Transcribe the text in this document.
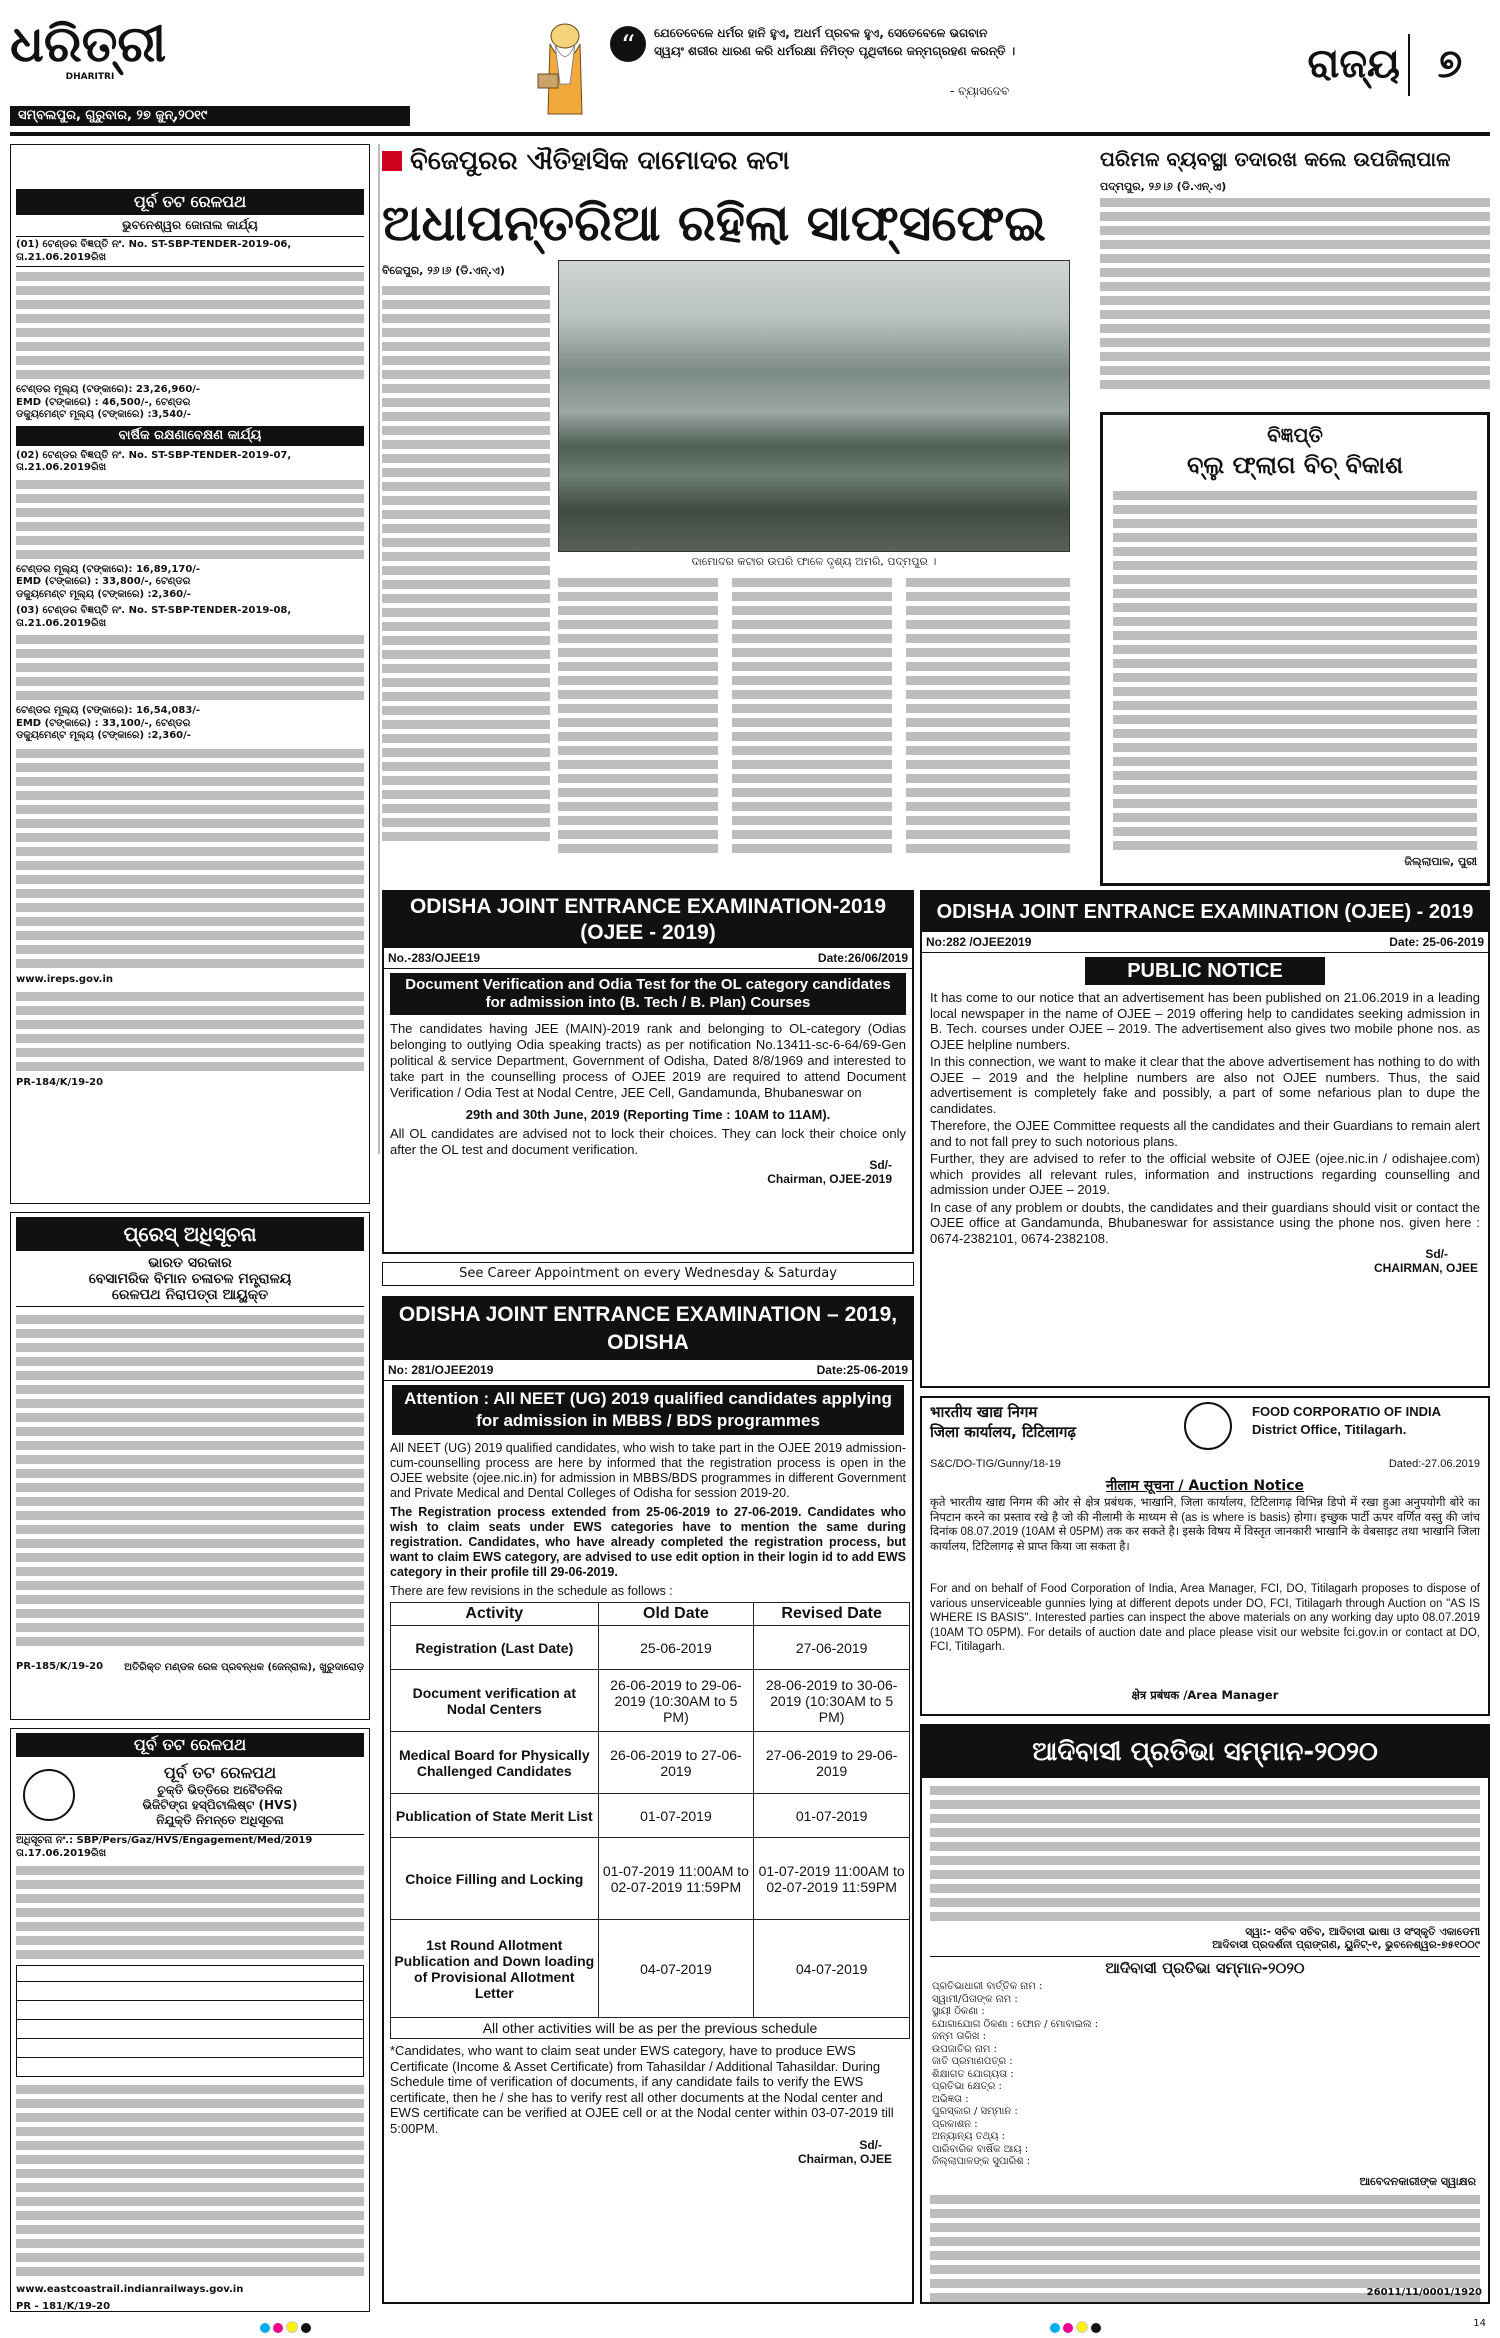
ଧରିତ୍ରୀ
DHARITRI
ସମ୍ବଲପୁର, ଗୁରୁବାର, ୨୭ ଜୁନ୍,୨୦୧୯
“	ଯେତେବେଳେ ଧର୍ମର ହାନି ହୁଏ, ଅଧର୍ମ ପ୍ରବଳ ହୁଏ, ସେତେବେଳେ ଭଗବାନ
ସ୍ୱୟଂ ଶରୀର ଧାରଣ କରି ଧର୍ମରକ୍ଷା ନିମିତ୍ତ ପୃଥିବୀରେ ଜନ୍ମଗ୍ରହଣ କରନ୍ତି ।
- ବ୍ୟାସଦେବ
ରାଜ୍ୟ ୭
ପୂର୍ବ ତଟ ରେଳପଥ
ଭୁବନେଶ୍ୱର ଜୋନାଲ କାର୍ଯ୍ୟ
(01) ଟେଣ୍ଡର ବିଜ୍ଞପ୍ତି ନଂ. No. ST-SBP-TENDER-2019-06, ତା.21.06.2019ରିଖ
ଟେଣ୍ଡର ମୂଲ୍ୟ (ଟଙ୍କାରେ): 23,26,960/-
EMD (ଟଙ୍କାରେ) : 46,500/-, ଟେଣ୍ଡର
ଡକ୍ୟୁମେଣ୍ଟ ମୂଲ୍ୟ (ଟଙ୍କାରେ) :3,540/-
ବାର୍ଷିକ ରକ୍ଷଣାବେକ୍ଷଣ କାର୍ଯ୍ୟ
(02) ଟେଣ୍ଡର ବିଜ୍ଞପ୍ତି ନଂ. No. ST-SBP-TENDER-2019-07, ତା.21.06.2019ରିଖ
ଟେଣ୍ଡର ମୂଲ୍ୟ (ଟଙ୍କାରେ): 16,89,170/-
EMD (ଟଙ୍କାରେ) : 33,800/-, ଟେଣ୍ଡର
ଡକ୍ୟୁମେଣ୍ଟ ମୂଲ୍ୟ (ଟଙ୍କାରେ) :2,360/-
(03) ଟେଣ୍ଡର ବିଜ୍ଞପ୍ତି ନଂ. No. ST-SBP-TENDER-2019-08, ତା.21.06.2019ରିଖ
ଟେଣ୍ଡର ମୂଲ୍ୟ (ଟଙ୍କାରେ): 16,54,083/-
EMD (ଟଙ୍କାରେ) : 33,100/-, ଟେଣ୍ଡର
ଡକ୍ୟୁମେଣ୍ଟ ମୂଲ୍ୟ (ଟଙ୍କାରେ) :2,360/-
www.ireps.gov.in
PR-184/K/19-20
ପ୍ରେସ୍ ଅଧିସୂଚନା
ଭାରତ ସରକାର
ବେସାମରିକ ବିମାନ ଚଳାଚଳ ମନ୍ତ୍ରାଳୟ
ରେଳପଥ ନିରାପତ୍ତା ଆୟୁକ୍ତ
PR-185/K/19-20	ଅତିରିକ୍ତ ମଣ୍ଡଳ ରେଳ ପ୍ରବନ୍ଧକ (ଜେନ୍ରାଲ), ଖୁରୁଦାରୋଡ଼
ପୂର୍ବ ତଟ ରେଳପଥ
ପୂର୍ବ ତଟ ରେଳପଥ
ଚୁକ୍ତି ଭିତ୍ତିରେ ଅବୈତନିକ
ଭିଜିଟିଙ୍ଗ ହସ୍ପିଟାଲିଷ୍ଟ (HVS)
ନିଯୁକ୍ତି ନିମନ୍ତେ ଅଧିସୂଚନା
ଅଧିସୂଚନା ନଂ.: SBP/Pers/Gaz/HVS/Engagement/Med/2019 ତା.17.06.2019ରିଖ
www.eastcoastrail.indianrailways.gov.in
PR - 181/K/19-20
ବିଜେପୁରର ଐତିହାସିକ ଦାମୋଦର କଟା
ଅଧାପନ୍ତରିଆ ରହିଲା ସାଫ୍‌ସଫେଇ
ଦାମୋଦର କଟାର ଉପରି ଫାଳେ ଦୃଶ୍ୟ ଅମରି, ପଦ୍ମପୁର ।
ବିଜେପୁର, ୨୬।୬ (ଡି.ଏନ୍.ଏ)
ପରିମଳ ବ୍ୟବସ୍ଥା ତଦାରଖ କଲେ ଉପଜିଲାପାଳ
ପଦ୍ମପୁର, ୨୬।୬ (ଡି.ଏନ୍.ଏ)
ବିଜ୍ଞପ୍ତି
ବ୍ଲୁ ଫ୍ଲାଗ ବିଚ୍ ବିକାଶ
ଜିଲ୍ଲାପାଳ, ପୁରୀ
ODISHA JOINT ENTRANCE EXAMINATION-2019
(OJEE - 2019)
No.-283/OJEE19	Date:26/06/2019
Document Verification and Odia Test for the OL category candidates for admission into (B. Tech / B. Plan) Courses
The candidates having JEE (MAIN)-2019 rank and belonging to OL-category (Odias belonging to outlying Odia speaking tracts) as per notification No.13411-sc-6-64/69-Gen political & service Department, Government of Odisha, Dated 8/8/1969 and interested to take part in the counselling process of OJEE 2019 are required to attend Document Verification / Odia Test at Nodal Centre, JEE Cell, Gandamunda, Bhubaneswar on
29th and 30th June, 2019 (Reporting Time : 10AM to 11AM).
All OL candidates are advised not to lock their choices. They can lock their choice only after the OL test and document verification.
Sd/-
Chairman, OJEE-2019
See Career Appointment on every Wednesday & Saturday
ODISHA JOINT ENTRANCE EXAMINATION – 2019,
ODISHA
No: 281/OJEE2019	Date:25-06-2019
Attention : All NEET (UG) 2019 qualified candidates applying for admission in MBBS / BDS programmes
All NEET (UG) 2019 qualified candidates, who wish to take part in the OJEE 2019 admission-cum-counselling process are here by informed that the registration process is open in the OJEE website (ojee.nic.in) for admission in MBBS/BDS programmes in different Government and Private Medical and Dental Colleges of Odisha for session 2019-20.
The Registration process extended from 25-06-2019 to 27-06-2019. Candidates who wish to claim seats under EWS categories have to mention the same during registration. Candidates, who have already completed the registration process, but want to claim EWS category, are advised to use edit option in their login id to add EWS category in their profile till 29-06-2019.
There are few revisions in the schedule as follows :
Activity	Old Date	Revised Date
Registration (Last Date)	25-06-2019	27-06-2019
Document verification at Nodal Centers	26-06-2019 to 29-06-2019 (10:30AM to 5 PM)	28-06-2019 to 30-06-2019 (10:30AM to 5 PM)
Medical Board for Physically Challenged Candidates	26-06-2019 to 27-06-2019	27-06-2019 to 29-06-2019
Publication of State Merit List	01-07-2019	01-07-2019
Choice Filling and Locking	01-07-2019 11:00AM to 02-07-2019 11:59PM	01-07-2019 11:00AM to 02-07-2019 11:59PM
1st Round Allotment Publication and Down loading of Provisional Allotment Letter	04-07-2019	04-07-2019
All other activities will be as per the previous schedule		
*Candidates, who want to claim seat under EWS category, have to produce EWS Certificate (Income & Asset Certificate) from Tahasildar / Additional Tahasildar. During Schedule time of verification of documents, if any candidate fails to verify the EWS certificate, then he / she has to verify rest all other documents at the Nodal center and EWS certificate can be verified at OJEE cell or at the Nodal center within 03-07-2019 till 5:00PM.
Sd/-
Chairman, OJEE
ODISHA JOINT ENTRANCE EXAMINATION (OJEE) - 2019
No:282 /OJEE2019	Date: 25-06-2019
PUBLIC NOTICE
It has come to our notice that an advertisement has been published on 21.06.2019 in a leading local newspaper in the name of OJEE – 2019 offering help to candidates seeking admission in B. Tech. courses under OJEE – 2019. The advertisement also gives two mobile phone nos. as OJEE helpline numbers.
In this connection, we want to make it clear that the above advertisement has nothing to do with OJEE – 2019 and the helpline numbers are also not OJEE numbers. Thus, the said advertisement is completely fake and possibly, a part of some nefarious plan to dupe the candidates.
Therefore, the OJEE Committee requests all the candidates and their Guardians to remain alert and to not fall prey to such notorious plans.
Further, they are advised to refer to the official website of OJEE (ojee.nic.in / odishajee.com) which provides all relevant rules, information and instructions regarding counselling and admission under OJEE – 2019.
In case of any problem or doubts, the candidates and their guardians should visit or contact the OJEE office at Gandamunda, Bhubaneswar for assistance using the phone nos. given here : 0674-2382101, 0674-2382108.
Sd/-
CHAIRMAN, OJEE
भारतीय खाद्य निगम
जिला कार्यालय, टिटिलागढ़
FOOD CORPORATIO OF INDIA
District Office, Titilagarh.
S&C/DO-TIG/Gunny/18-19	Dated:-27.06.2019
नीलाम सूचना / Auction Notice
कृते भारतीय खाद्य निगम की ओर से क्षेत्र प्रबंधक, भाखानि, जिला कार्यालय, टिटिलागढ़ विभिन्न डिपो में रखा हुआ अनुपयोगी बोरे का निपटान करने का प्रस्ताव रखे है जो की नीलामी के माध्यम से (as is where is basis) होगा। इच्छुक पार्टी ऊपर वर्णित वस्तु की जांच दिनांक 08.07.2019 (10AM से 05PM) तक कर सकते है। इसके विषय में विस्तृत जानकारी भाखानि के वेबसाइट तथा भाखानि जिला कार्यालय, टिटिलागढ़ से प्राप्त किया जा सकता है।
For and on behalf of Food Corporation of India, Area Manager, FCI, DO, Titilagarh proposes to dispose of various unserviceable gunnies lying at different depots under DO, FCI, Titilagarh through Auction on "AS IS WHERE IS BASIS". Interested parties can inspect the above materials on any working day upto 08.07.2019 (10AM TO 05PM). For details of auction date and place please visit our website fci.gov.in or contact at DO, FCI, Titilagarh.
क्षेत्र प्रबंधक /Area Manager
ଆଦିବାସୀ ପ୍ରତିଭା ସମ୍ମାନ-୨୦୨୦
ସ୍ୱା:- ସଚିବ ସଚିବ, ଆଦିବାସୀ ଭାଷା ଓ ସଂସ୍କୃତି ଏକାଡେମୀ
ଆଦିବାସୀ ପ୍ରଦର୍ଶନୀ ପ୍ରାଙ୍ଗଣ, ୟୁନିଟ୍-୧, ଭୁବନେଶ୍ୱର-୭୫୧୦୦୯
ଆଦିବାସୀ ପ୍ରତିଭା ସମ୍ମାନ-୨୦୨୦
ପ୍ରତିଭାଧାରୀ ବାର୍ତ୍ତିକ ନାମ :
ସ୍ୱାମୀ/ପିତାଙ୍କ ନାମ :
ସ୍ଥାୟୀ ଠିକଣା :
ଯୋଗାଯୋଗ ଠିକଣା : ଫୋନ / ମୋବାଇଲ :
ଜନ୍ମ ତାରିଖ :
ଉପଜାତିର ନାମ :
ଜାତି ପ୍ରମାଣପତ୍ର :
ଶିକ୍ଷାଗତ ଯୋଗ୍ୟତା :
ପ୍ରତିଭା କ୍ଷେତ୍ର :
ଅଭିଜ୍ଞତା :
ପୁରସ୍କାର / ସମ୍ମାନ :
ପ୍ରକାଶନ :
ଅନ୍ୟାନ୍ୟ ତଥ୍ୟ :
ପାରିବାରିକ ବାର୍ଷିକ ଆୟ :
ଜିଲ୍ଲାପାଳଙ୍କ ସୁପାରିଶ :
ଆବେଦନକାରୀଙ୍କ ସ୍ୱାକ୍ଷର
26011/11/0001/1920
14
